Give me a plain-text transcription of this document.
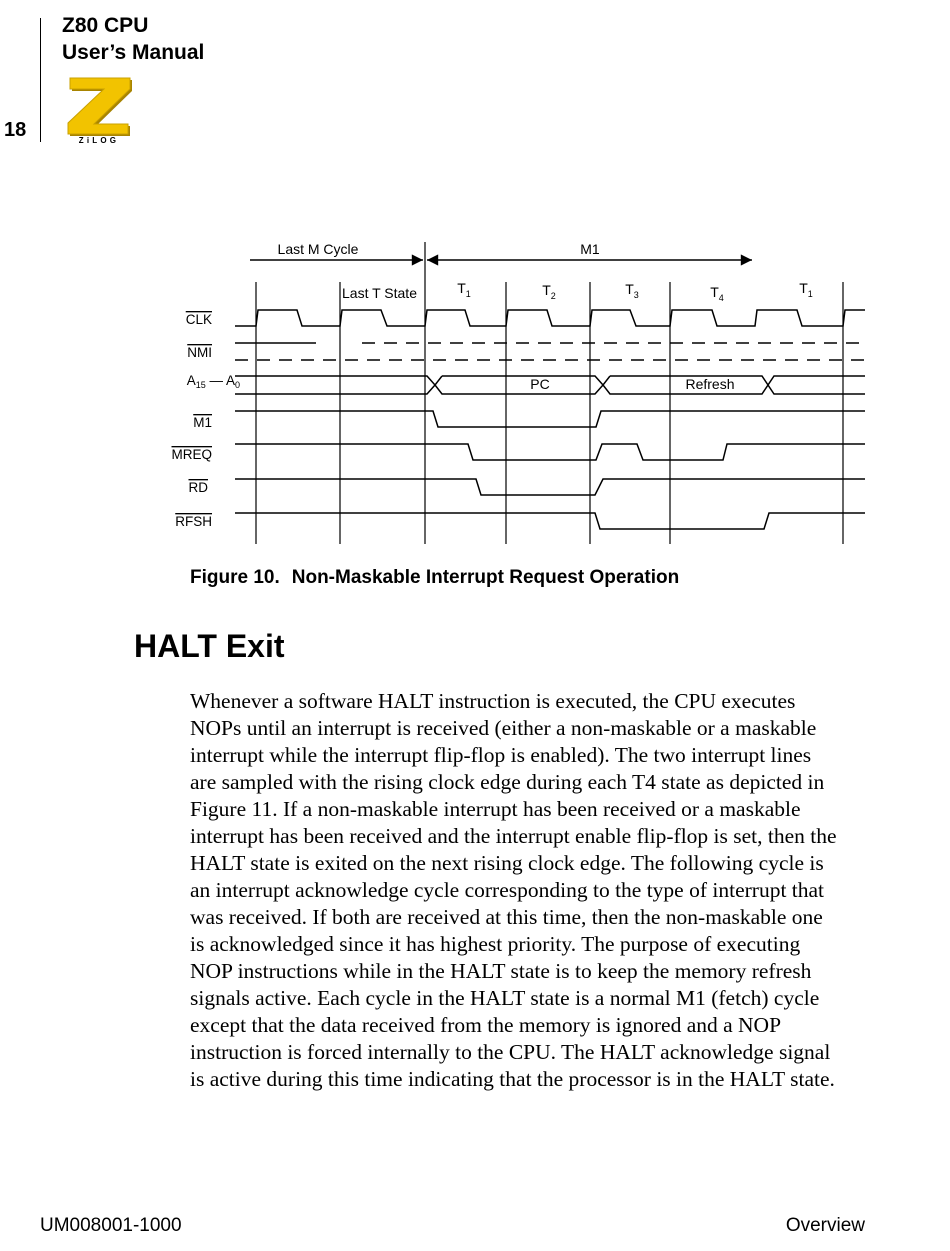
Z80 CPU
User’s Manual
18	ZiLOG
Last M Cycle	M1
Last T State	$T_1$	$T_2$	$T_3$	$T_4$
$T_1$
CLK
NMI
$A_{15}$ — $A_0$
M1
MREQ
RD
RFSH
PC	Refresh
Figure 10. Non-Maskable Interrupt Request Operation
HALT Exit
Whenever a software HALT instruction is executed, the CPU executes
NOPs until an interrupt is received (either a non-maskable or a maskable
interrupt while the interrupt flip-flop is enabled). The two interrupt lines
are sampled with the rising clock edge during each T4 state as depicted in
Figure 11. If a non-maskable interrupt has been received or a maskable
interrupt has been received and the interrupt enable flip-flop is set, then the
HALT state is exited on the next rising clock edge. The following cycle is
an interrupt acknowledge cycle corresponding to the type of interrupt that
was received. If both are received at this time, then the non-maskable one
is acknowledged since it has highest priority. The purpose of executing
NOP instructions while in the HALT state is to keep the memory refresh
signals active. Each cycle in the HALT state is a normal M1 (fetch) cycle
except that the data received from the memory is ignored and a NOP
instruction is forced internally to the CPU. The HALT acknowledge signal
is active during this time indicating that the processor is in the HALT state.
UM008001-1000	Overview
